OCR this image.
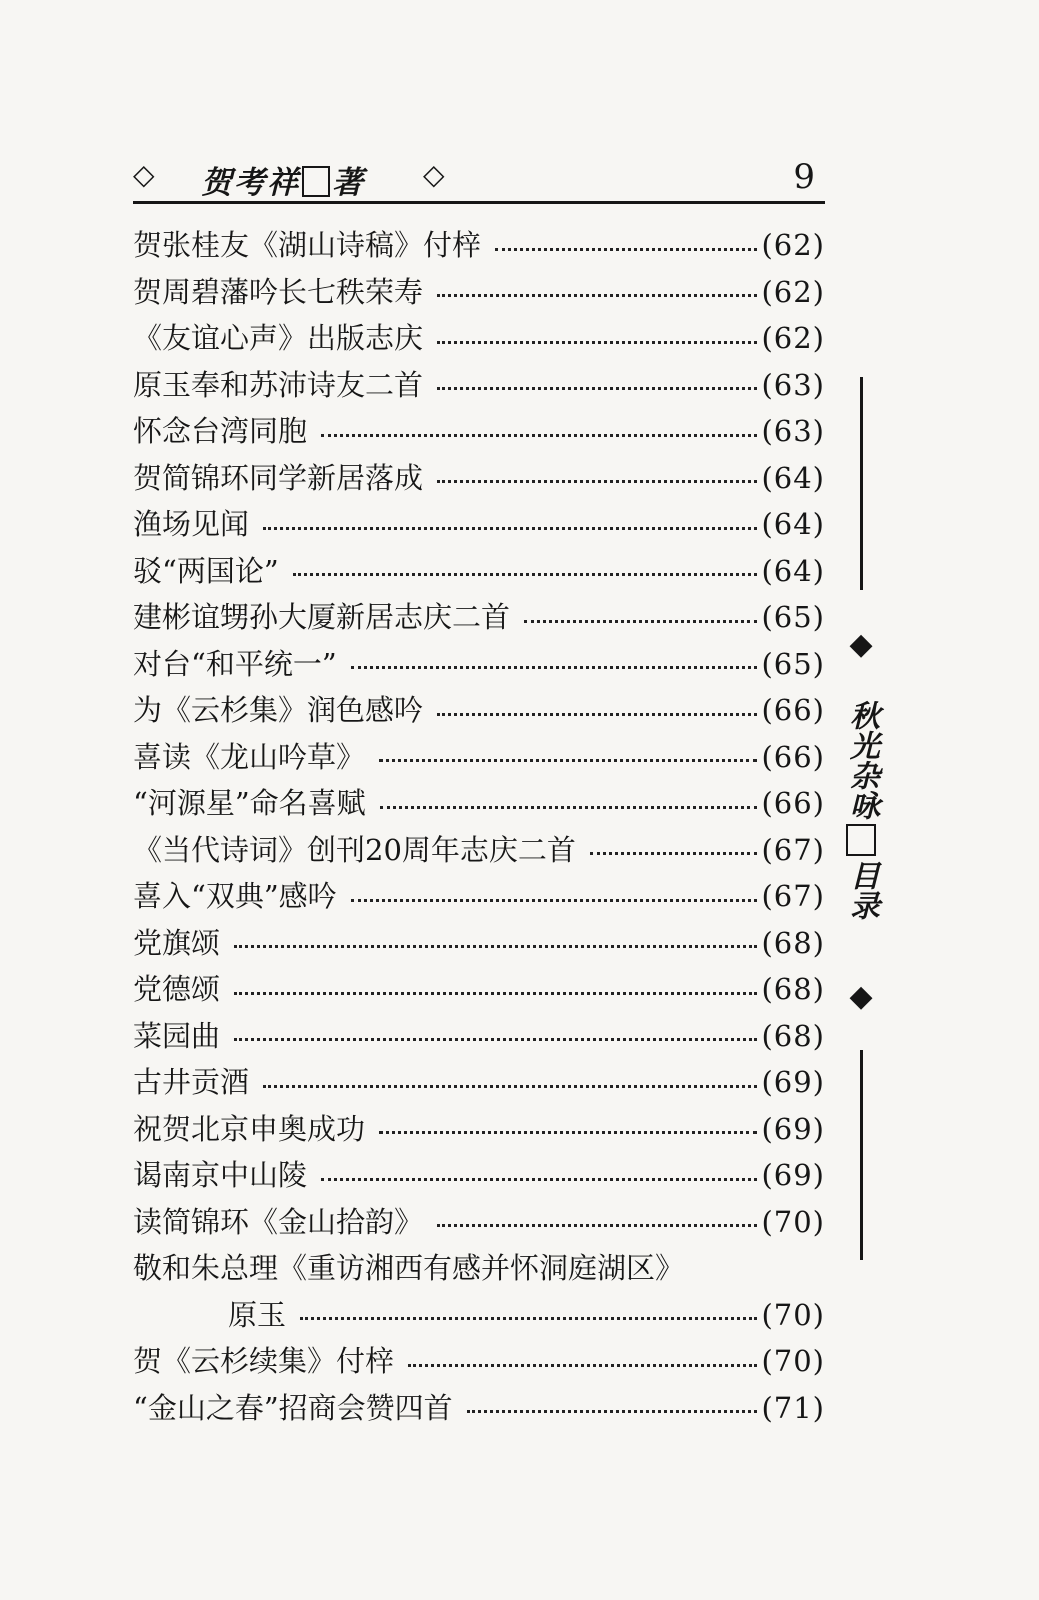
◇ 贺考祥 著 ◇	9
贺张桂友《湖山诗稿》付梓	(62)
贺周碧藩吟长七秩荣寿	(62)
《友谊心声》出版志庆	(62)
原玉奉和苏沛诗友二首	(63)
怀念台湾同胞	(63)
贺简锦环同学新居落成	(64)
渔场见闻	(64)
驳“两国论”	(64)
建彬谊甥孙大厦新居志庆二首	(65)
对台“和平统一”	(65)
为《云杉集》润色感吟	(66)
喜读《龙山吟草》	(66)
“河源星”命名喜赋	(66)
《当代诗词》创刊20周年志庆二首	(67)
喜入“双典”感吟	(67)
党旗颂	(68)
党德颂	(68)
菜园曲	(68)
古井贡酒	(69)
祝贺北京申奥成功	(69)
谒南京中山陵	(69)
读简锦环《金山拾韵》	(70)
敬和朱总理《重访湘西有感并怀洞庭湖区》
原玉	(70)
贺《云杉续集》付梓	(70)
“金山之春”招商会赞四首	(71)
◆
秋光杂咏目录
◆
